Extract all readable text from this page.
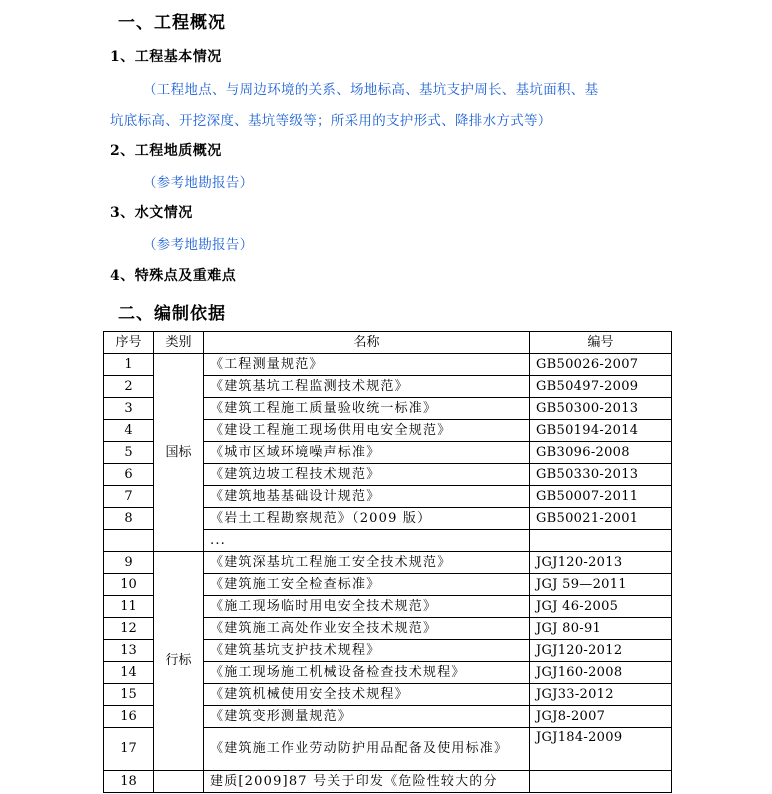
一、工程概况
1、工程基本情况
（工程地点、与周边环境的关系、场地标高、基坑支护周长、基坑面积、基
坑底标高、开挖深度、基坑等级等；所采用的支护形式、降排水方式等）
2、工程地质概况
（参考地勘报告）
3、水文情况
（参考地勘报告）
4、特殊点及重难点
二、编制依据
序号	类别	名称	编号
1	国标	《工程测量规范》	GB50026-2007
2		《建筑基坑工程监测技术规范》	GB50497-2009
3		《建筑工程施工质量验收统一标准》	GB50300-2013
4		《建设工程施工现场供用电安全规范》	GB50194-2014
5		《城市区域环境噪声标准》	GB3096-2008
6		《建筑边坡工程技术规范》	GB50330-2013
7		《建筑地基基础设计规范》	GB50007-2011
8		《岩土工程勘察规范》（2009 版）	GB50021-2001
		...	
9	行标	《建筑深基坑工程施工安全技术规范》	JGJ120-2013
10		《建筑施工安全检查标准》	JGJ 59—2011
11		《施工现场临时用电安全技术规范》	JGJ 46-2005
12		《建筑施工高处作业安全技术规范》	JGJ 80-91
13		《建筑基坑支护技术规程》	JGJ120-2012
14		《施工现场施工机械设备检查技术规程》	JGJ160-2008
15		《建筑机械使用安全技术规程》	JGJ33-2012
16		《建筑变形测量规范》	JGJ8-2007
17		《建筑施工作业劳动防护用品配备及使用标准》	JGJ184-2009
18		建质[2009]87 号关于印发《危险性较大的分	
